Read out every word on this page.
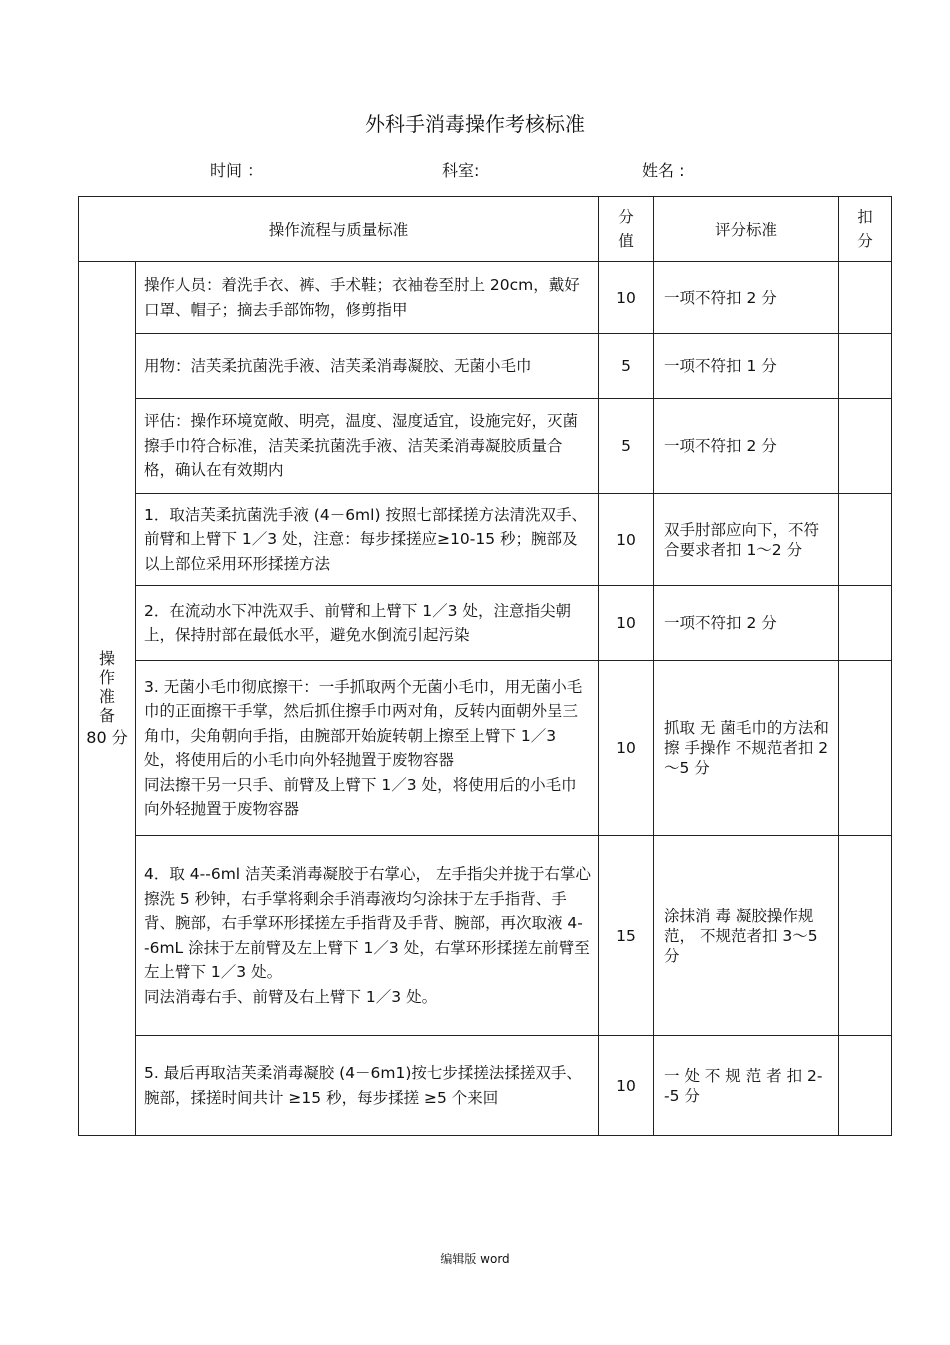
外科手消毒操作考核标准
时间 ：	科室:	姓名 :
操作流程与质量标准		分值	评分标准	扣分
操作准备
80 分	操作人员：着洗手衣、裤、手术鞋；衣袖卷至肘上 20cm，戴好口罩、帽子；摘去手部饰物，修剪指甲	10	一项不符扣 2 分	

	用物：洁芙柔抗菌洗手液、洁芙柔消毒凝胶、无菌小毛巾	5	一项不符扣 1 分	

	评估：操作环境宽敞、明亮，温度、湿度适宜，设施完好，灭菌擦手巾符合标准，洁芙柔抗菌洗手液、洁芙柔消毒凝胶质量合格，确认在有效期内	5	一项不符扣 2 分	

	1．取洁芙柔抗菌洗手液 (4－6ml) 按照七部揉搓方法清洗双手、前臂和上臂下 1／3 处，注意：每步揉搓应≥10-15 秒；腕部及以上部位采用环形揉搓方法	10	双手肘部应向下，不符合要求者扣 1～2 分	

	2．在流动水下冲洗双手、前臂和上臂下 1／3 处，注意指尖朝上，保持肘部在最低水平，避免水倒流引起污染	10	一项不符扣 2 分	

	3. 无菌小毛巾彻底擦干：一手抓取两个无菌小毛巾，用无菌小毛巾的正面擦干手掌，然后抓住擦手巾两对角，反转内面朝外呈三角巾，尖角朝向手指，由腕部开始旋转朝上擦至上臂下 1／3 处，将使用后的小毛巾向外轻抛置于废物容器

同法擦干另一只手、前臂及上臂下 1／3 处，将使用后的小毛巾向外轻抛置于废物容器	10	抓取 无 菌毛巾的方法和擦 手操作 不规范者扣 2～5 分	

	4．取 4--6ml 洁芙柔消毒凝胶于右掌心， 左手指尖并拢于右掌心擦洗 5 秒钟，右手掌将剩余手消毒液均匀涂抹于左手指背、手背、腕部，右手掌环形揉搓左手指背及手背、腕部，再次取液 4--6mL 涂抹于左前臂及左上臂下 1／3 处，右掌环形揉搓左前臂至左上臂下 1／3 处。

同法消毒右手、前臂及右上臂下 1／3 处。	15	涂抹消 毒 凝胶操作规范， 不规范者扣 3～5 分	

	5. 最后再取洁芙柔消毒凝胶 (4－6m1)按七步揉搓法揉搓双手、腕部，揉搓时间共计 ≥15 秒，每步揉搓 ≥5 个来回	10	一 处 不 规 范 者 扣 2--5 分	
编辑版 word
